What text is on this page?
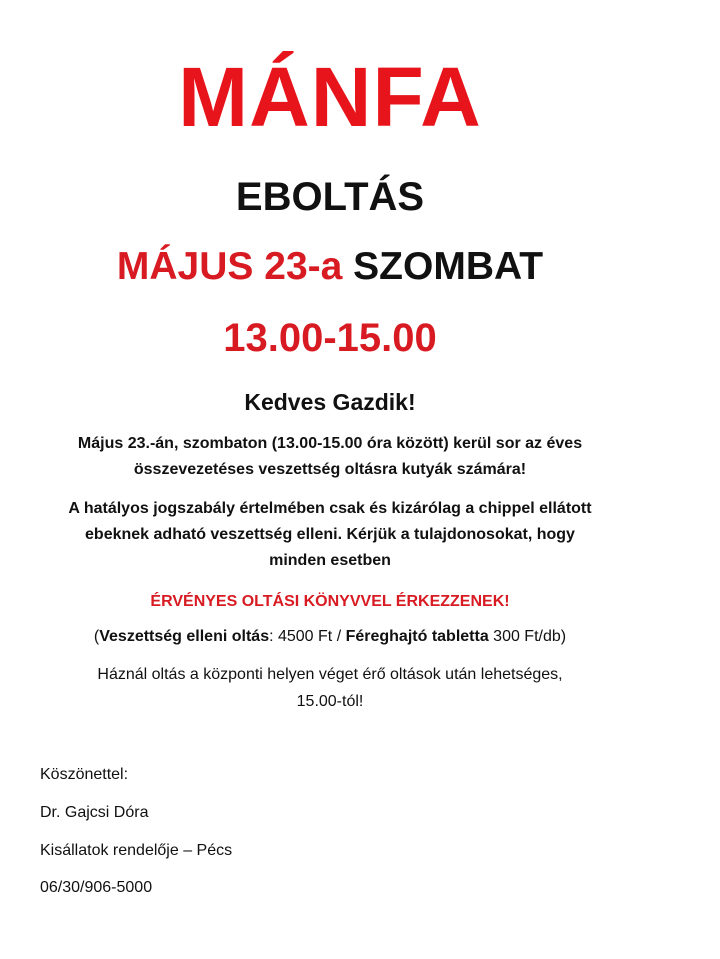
MÁNFA
EBOLTÁS
MÁJUS 23-a SZOMBAT
13.00-15.00
Kedves Gazdik!
Május 23.-án, szombaton (13.00-15.00 óra között) kerül sor az éves
összevezetéses veszettség oltásra kutyák számára!
A hatályos jogszabály értelmében csak és kizárólag a chippel ellátott
ebeknek adható veszettség elleni. Kérjük a tulajdonosokat, hogy
minden esetben
ÉRVÉNYES OLTÁSI KÖNYVVEL ÉRKEZZENEK!
(Veszettség elleni oltás: 4500 Ft / Féreghajtó tabletta 300 Ft/db)
Háznál oltás a központi helyen véget érő oltások után lehetséges,
15.00-tól!
Köszönettel:
Dr. Gajcsi Dóra
Kisállatok rendelője – Pécs
06/30/906-5000
